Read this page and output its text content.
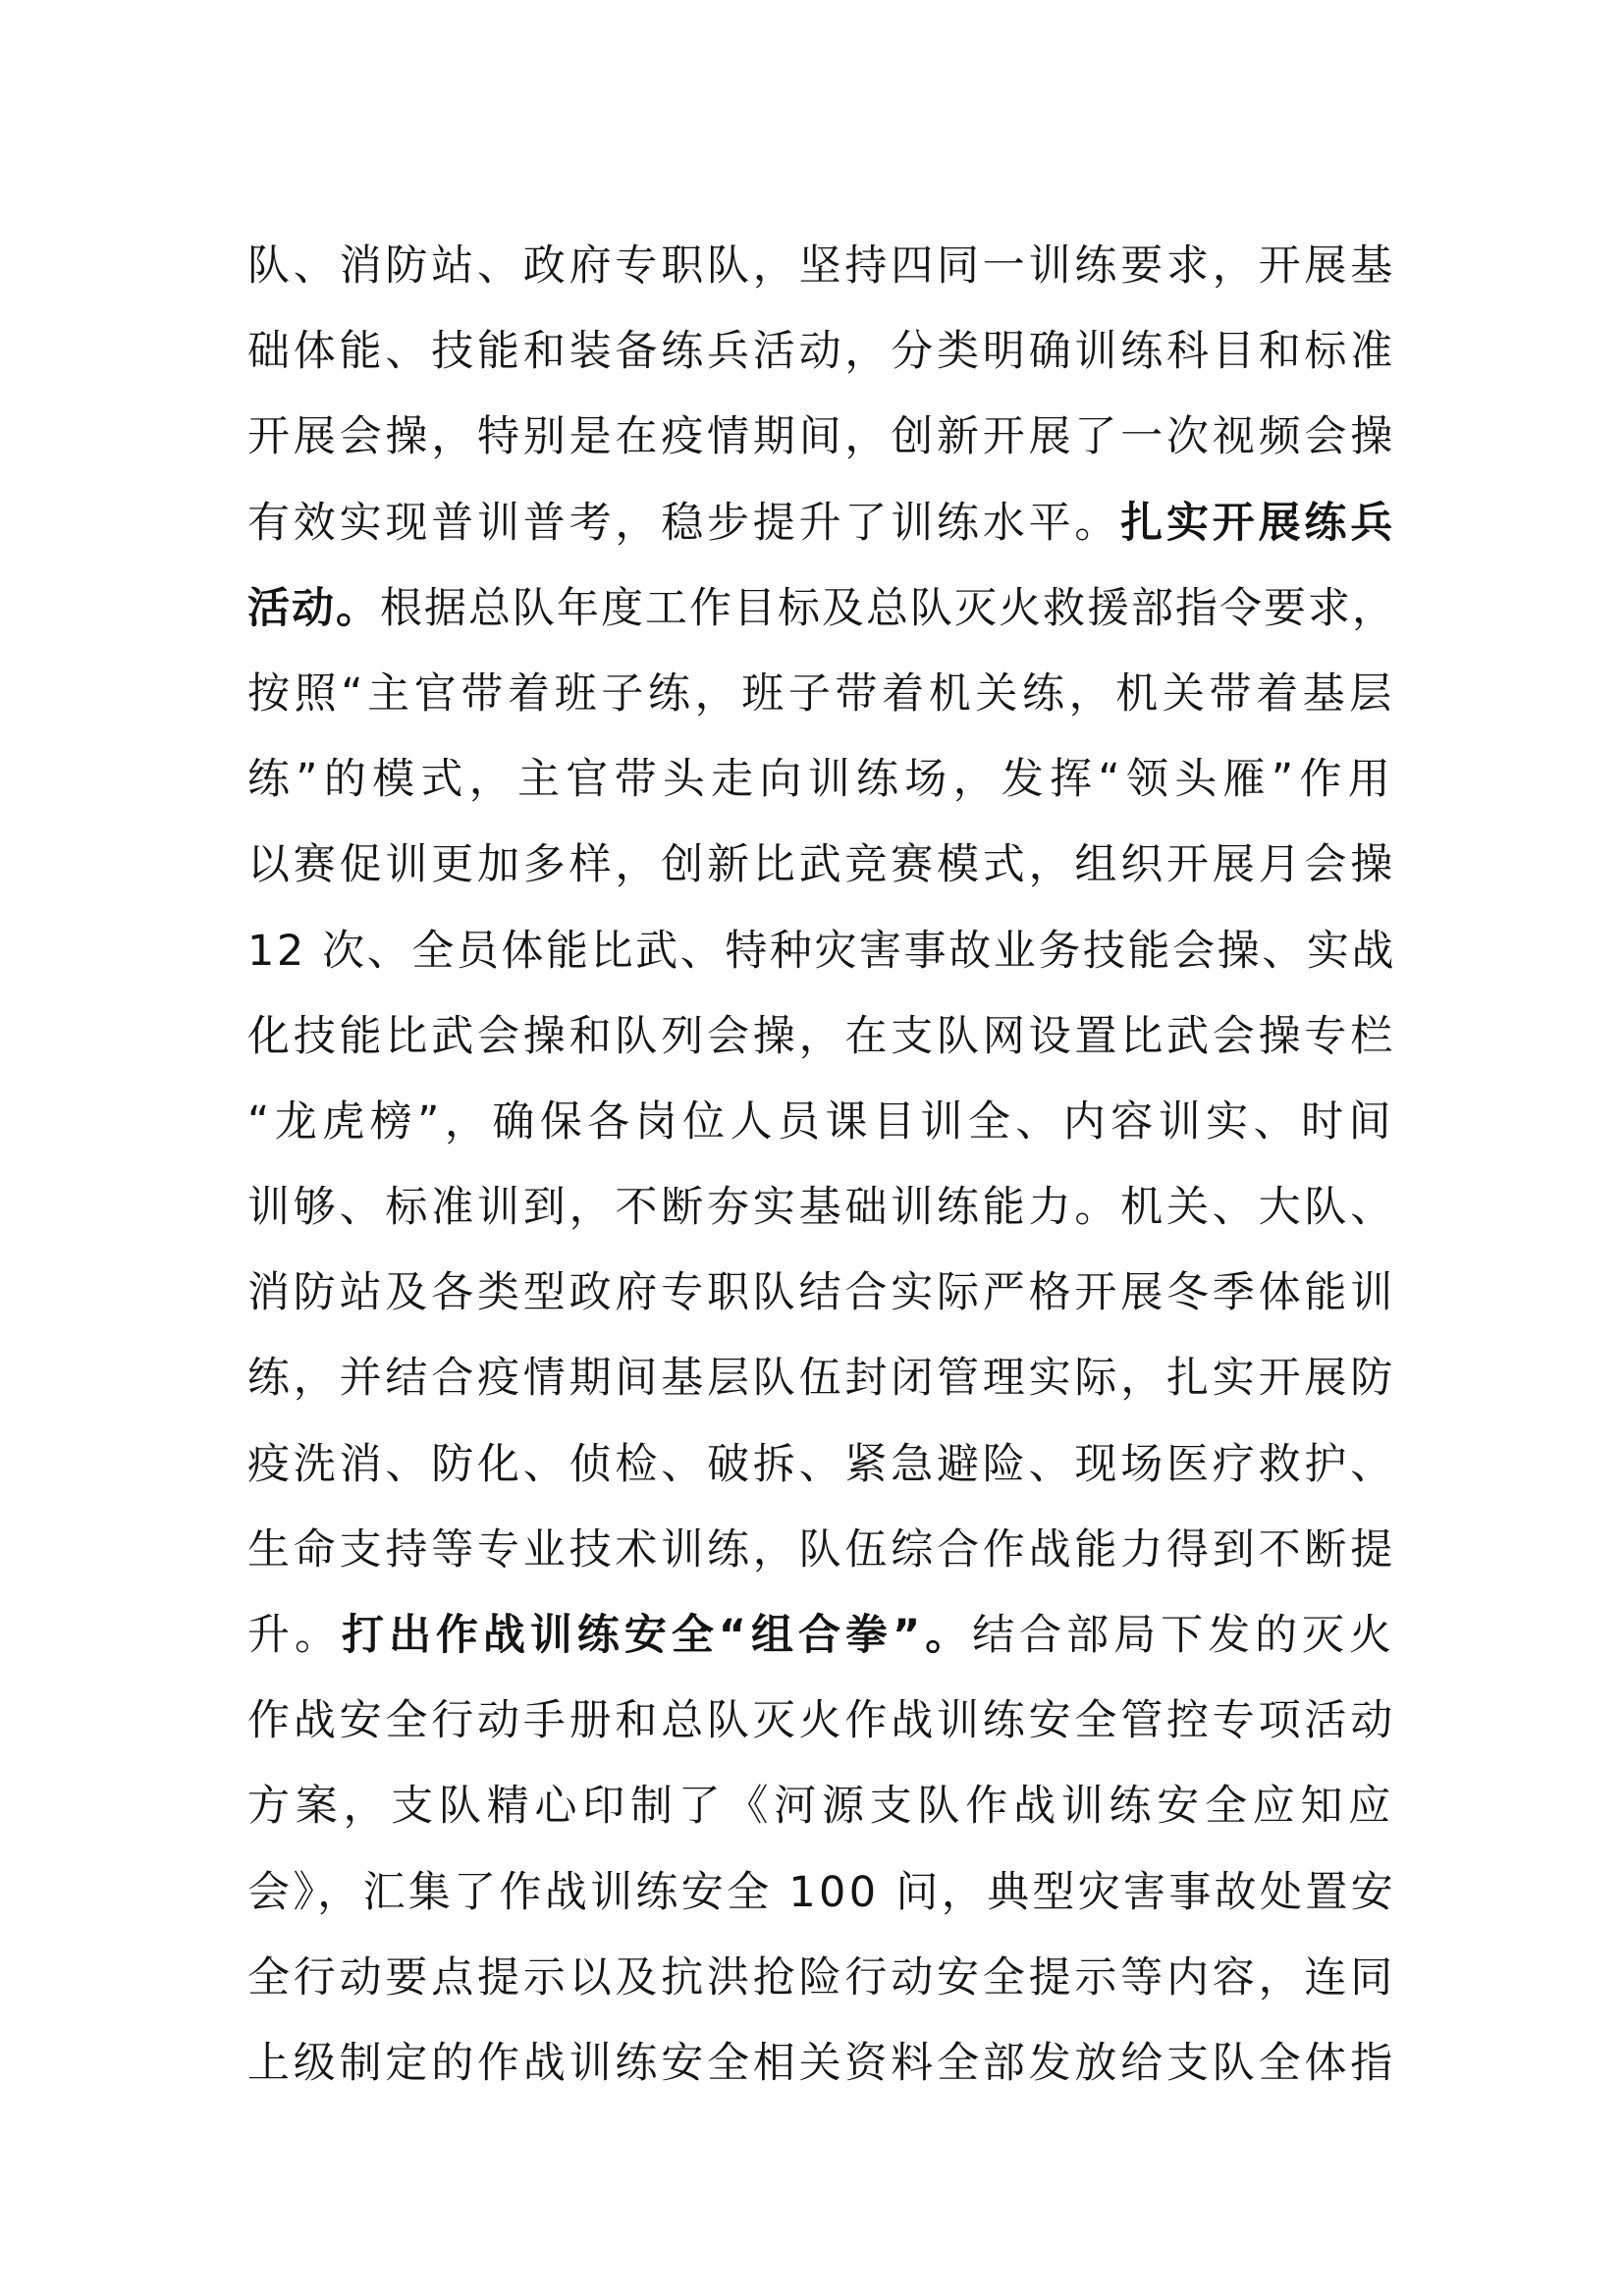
队、消防站、政府专职队，坚持四同一训练要求，开展基
础体能、技能和装备练兵活动，分类明确训练科目和标准
开展会操，特别是在疫情期间，创新开展了一次视频会操
有效实现普训普考，稳步提升了训练水平。扎实开展练兵
活动。根据总队年度工作目标及总队灭火救援部指令要求，
按照“主官带着班子练，班子带着机关练，机关带着基层
练”的模式，主官带头走向训练场，发挥“领头雁”作用
以赛促训更加多样，创新比武竞赛模式，组织开展月会操
12 次、全员体能比武、特种灾害事故业务技能会操、实战
化技能比武会操和队列会操，在支队网设置比武会操专栏
“龙虎榜”，确保各岗位人员课目训全、内容训实、时间
训够、标准训到，不断夯实基础训练能力。机关、大队、
消防站及各类型政府专职队结合实际严格开展冬季体能训
练，并结合疫情期间基层队伍封闭管理实际，扎实开展防
疫洗消、防化、侦检、破拆、紧急避险、现场医疗救护、
生命支持等专业技术训练，队伍综合作战能力得到不断提
升。打出作战训练安全“组合拳”。结合部局下发的灭火
作战安全行动手册和总队灭火作战训练安全管控专项活动
方案，支队精心印制了《河源支队作战训练安全应知应
会》，汇集了作战训练安全 100 问，典型灾害事故处置安
全行动要点提示以及抗洪抢险行动安全提示等内容，连同
上级制定的作战训练安全相关资料全部发放给支队全体指
